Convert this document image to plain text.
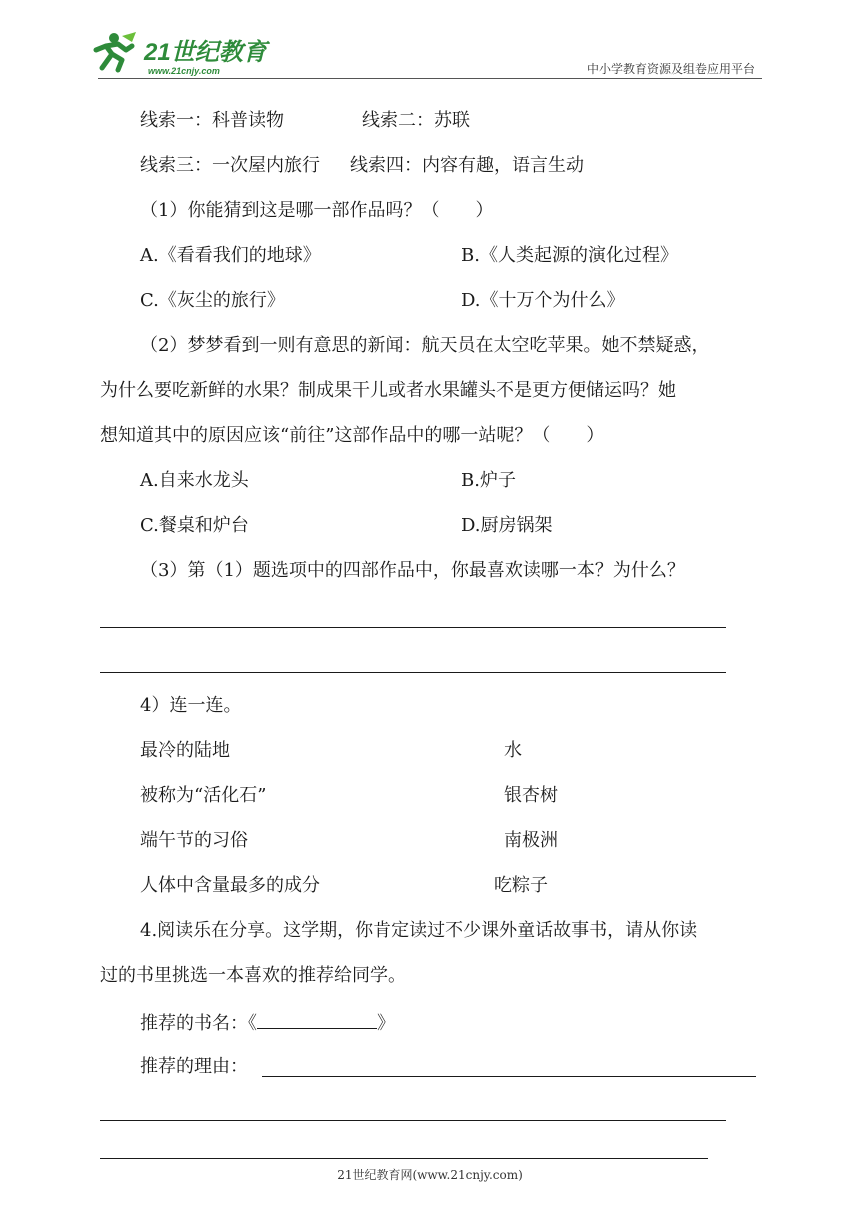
21世纪教育
www.21cnjy.com	中小学教育资源及组卷应用平台
线索一：科普读物	线索二：苏联
线索三：一次屋内旅行 线索四：内容有趣，语言生动
（1）你能猜到这是哪一部作品吗？（　　）
A.《看看我们的地球》	B.《人类起源的演化过程》
C.《灰尘的旅行》	D.《十万个为什么》
（2）梦梦看到一则有意思的新闻：航天员在太空吃苹果。她不禁疑惑，
为什么要吃新鲜的水果？制成果干儿或者水果罐头不是更方便储运吗？她
想知道其中的原因应该“前往”这部作品中的哪一站呢？（　　）
A.自来水龙头	B.炉子
C.餐桌和炉台	D.厨房锅架
（3）第（1）题选项中的四部作品中，你最喜欢读哪一本？为什么？
4）连一连。
最冷的陆地	水
被称为“活化石”	银杏树
端午节的习俗	南极洲
人体中含量最多的成分	吃粽子
4.阅读乐在分享。这学期，你肯定读过不少课外童话故事书，请从你读
过的书里挑选一本喜欢的推荐给同学。
推荐的书名：《	》
推荐的理由：
21世纪教育网(www.21cnjy.com)
